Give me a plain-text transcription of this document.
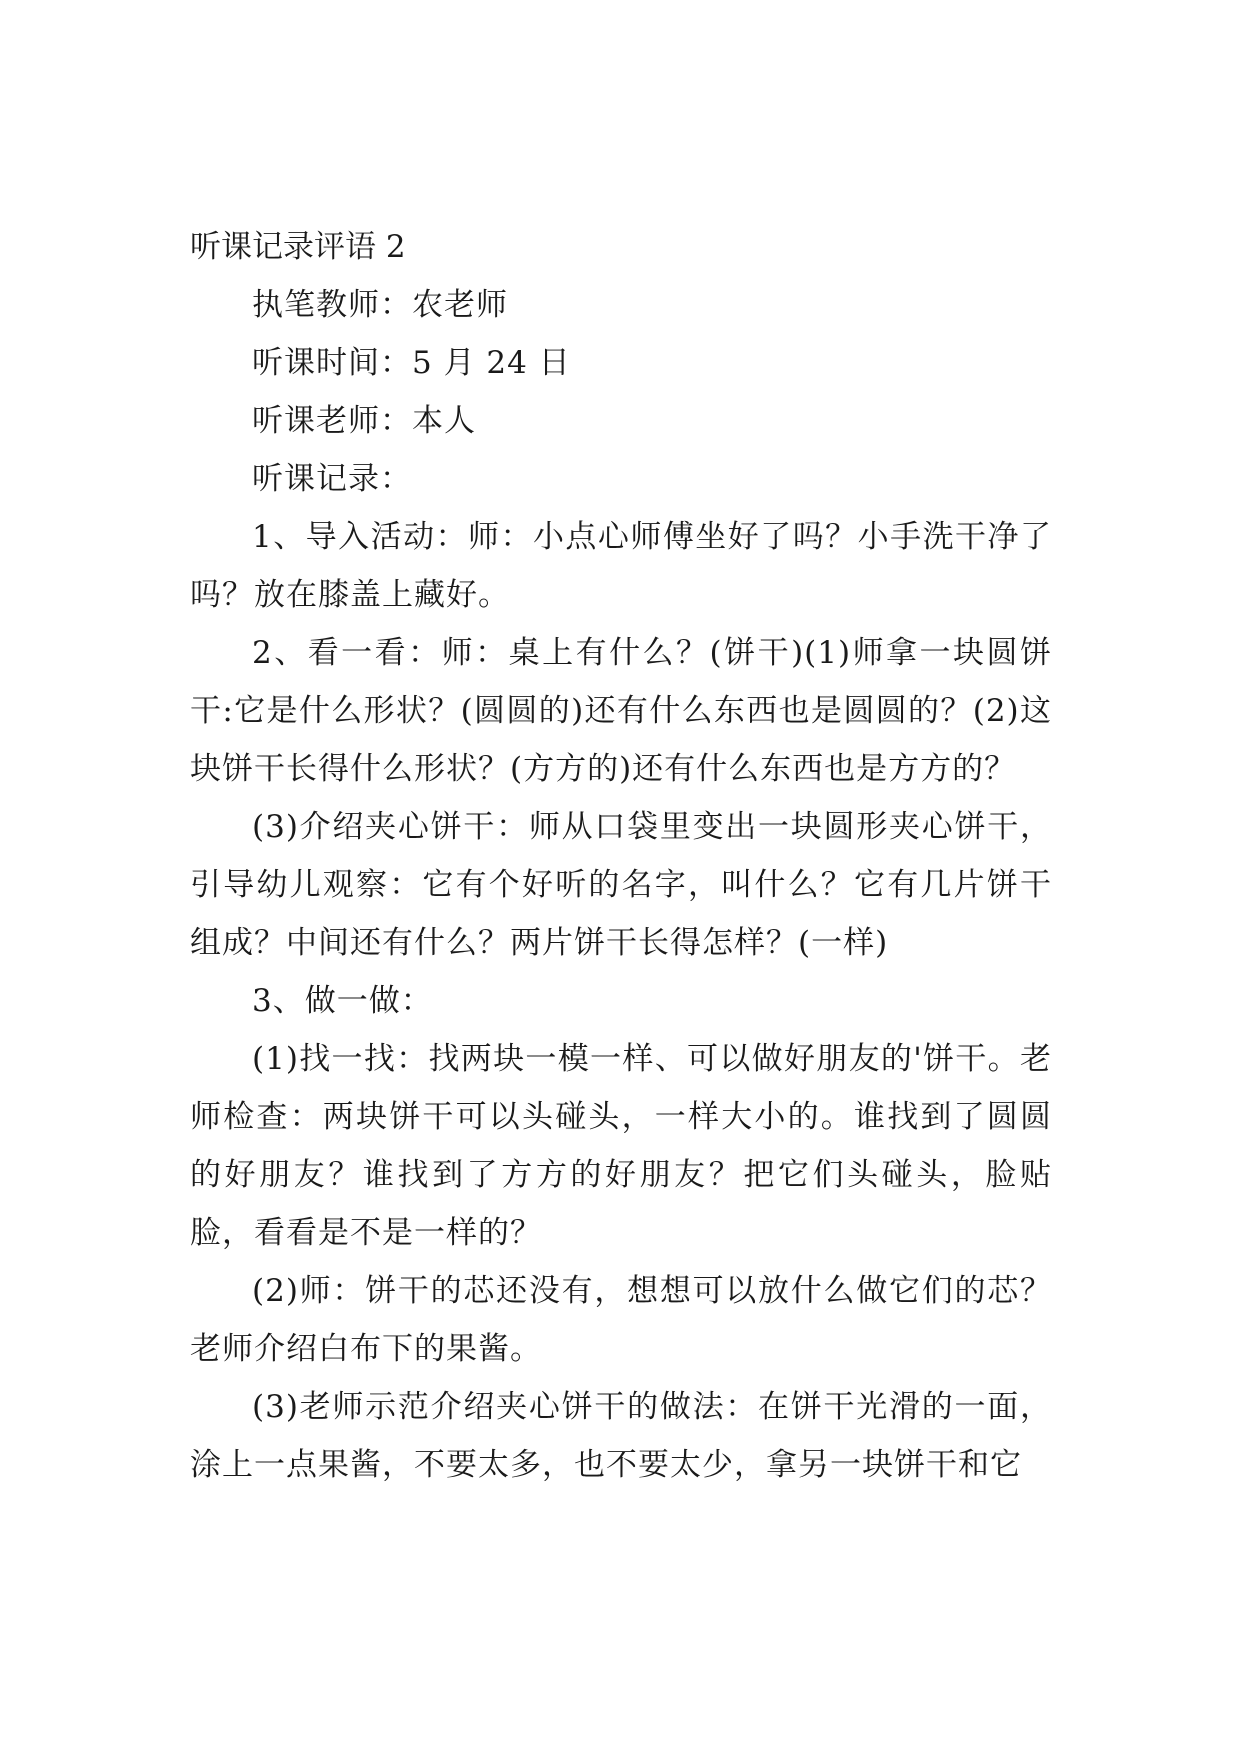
听课记录评语 2

执笔教师：农老师

听课时间：5 月 24 日

听课老师：本人

听课记录：

1、导入活动：师：小点心师傅坐好了吗？小手洗干净了吗？放在膝盖上藏好。

2、看一看：师：桌上有什么？(饼干)(1)师拿一块圆饼干:它是什么形状？(圆圆的)还有什么东西也是圆圆的？(2)这块饼干长得什么形状？(方方的)还有什么东西也是方方的？

(3)介绍夹心饼干：师从口袋里变出一块圆形夹心饼干，引导幼儿观察：它有个好听的名字，叫什么？它有几片饼干组成？中间还有什么？两片饼干长得怎样？(一样)

3、做一做：

(1)找一找：找两块一模一样、可以做好朋友的'饼干。老师检查：两块饼干可以头碰头，一样大小的。谁找到了圆圆的好朋友？谁找到了方方的好朋友？把它们头碰头，脸贴脸，看看是不是一样的？

(2)师：饼干的芯还没有，想想可以放什么做它们的芯？老师介绍白布下的果酱。

(3)老师示范介绍夹心饼干的做法：在饼干光滑的一面，涂上一点果酱，不要太多，也不要太少，拿另一块饼干和它
